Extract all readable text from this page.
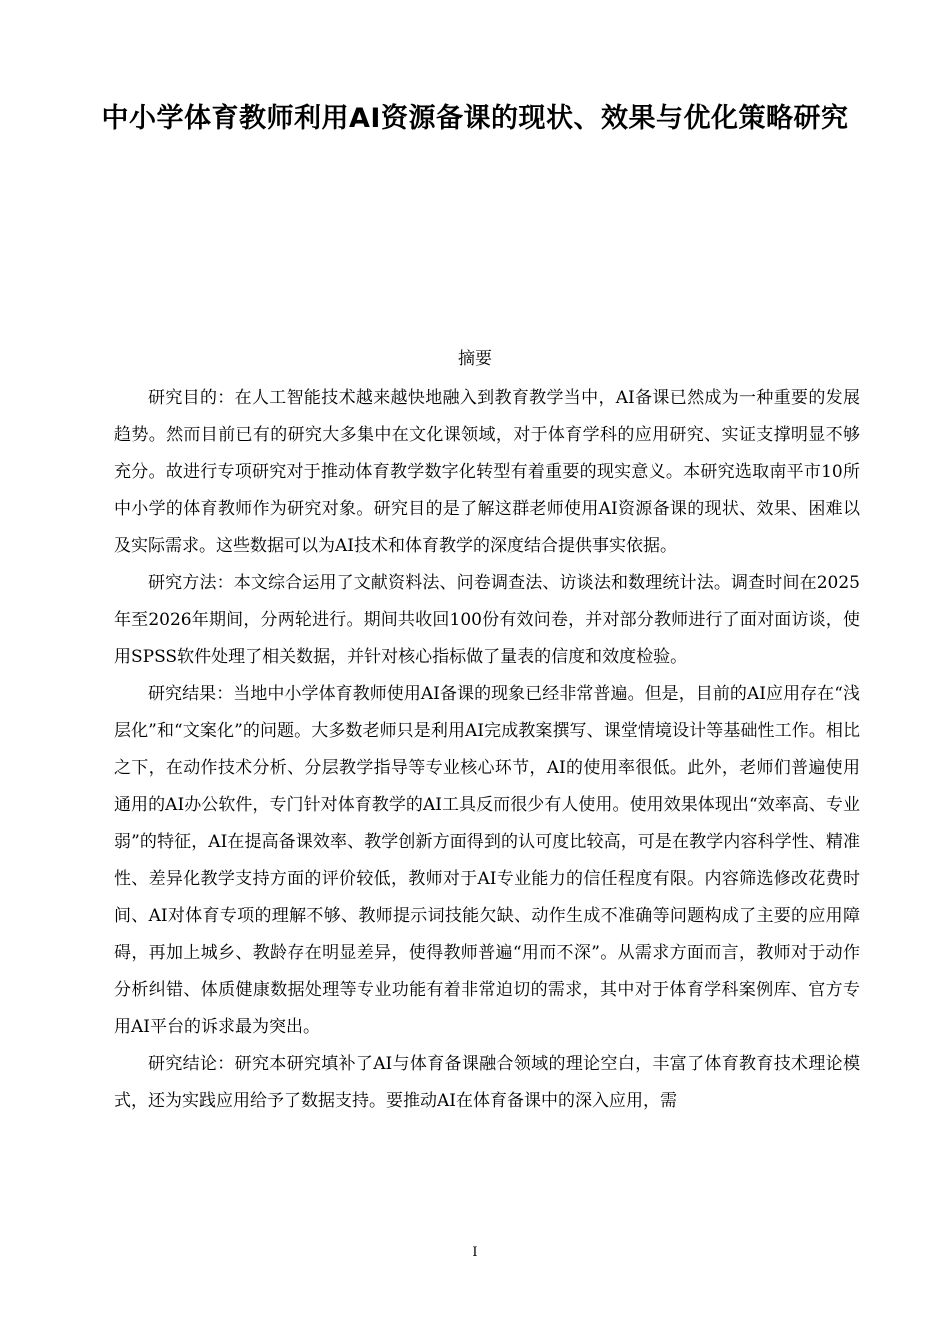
中小学体育教师利用AI资源备课的现状、效果与优化策略研究
摘要

研究目的：在人工智能技术越来越快地融入到教育教学当中，AI备课已然成为一种重要的发展趋势。然而目前已有的研究大多集中在文化课领域，对于体育学科的应用研究、实证支撑明显不够充分。故进行专项研究对于推动体育教学数字化转型有着重要的现实意义。本研究选取南平市10所中小学的体育教师作为研究对象。研究目的是了解这群老师使用AI资源备课的现状、效果、困难以及实际需求。这些数据可以为AI技术和体育教学的深度结合提供事实依据。

研究方法：本文综合运用了文献资料法、问卷调查法、访谈法和数理统计法。调查时间在2025年至2026年期间，分两轮进行。期间共收回100份有效问卷，并对部分教师进行了面对面访谈，使用SPSS软件处理了相关数据，并针对核心指标做了量表的信度和效度检验。

研究结果：当地中小学体育教师使用AI备课的现象已经非常普遍。但是，目前的AI应用存在“浅层化”和“文案化”的问题。大多数老师只是利用AI完成教案撰写、课堂情境设计等基础性工作。相比之下，在动作技术分析、分层教学指导等专业核心环节，AI的使用率很低。此外，老师们普遍使用通用的AI办公软件，专门针对体育教学的AI工具反而很少有人使用。使用效果体现出“效率高、专业弱”的特征，AI在提高备课效率、教学创新方面得到的认可度比较高，可是在教学内容科学性、精准性、差异化教学支持方面的评价较低，教师对于AI专业能力的信任程度有限。内容筛选修改花费时间、AI对体育专项的理解不够、教师提示词技能欠缺、动作生成不准确等问题构成了主要的应用障碍，再加上城乡、教龄存在明显差异，使得教师普遍“用而不深”。从需求方面而言，教师对于动作分析纠错、体质健康数据处理等专业功能有着非常迫切的需求，其中对于体育学科案例库、官方专用AI平台的诉求最为突出。

研究结论：研究本研究填补了AI与体育备课融合领域的理论空白，丰富了体育教育技术理论模式，还为实践应用给予了数据支持。要推动AI在体育备课中的深入应用，需

I
